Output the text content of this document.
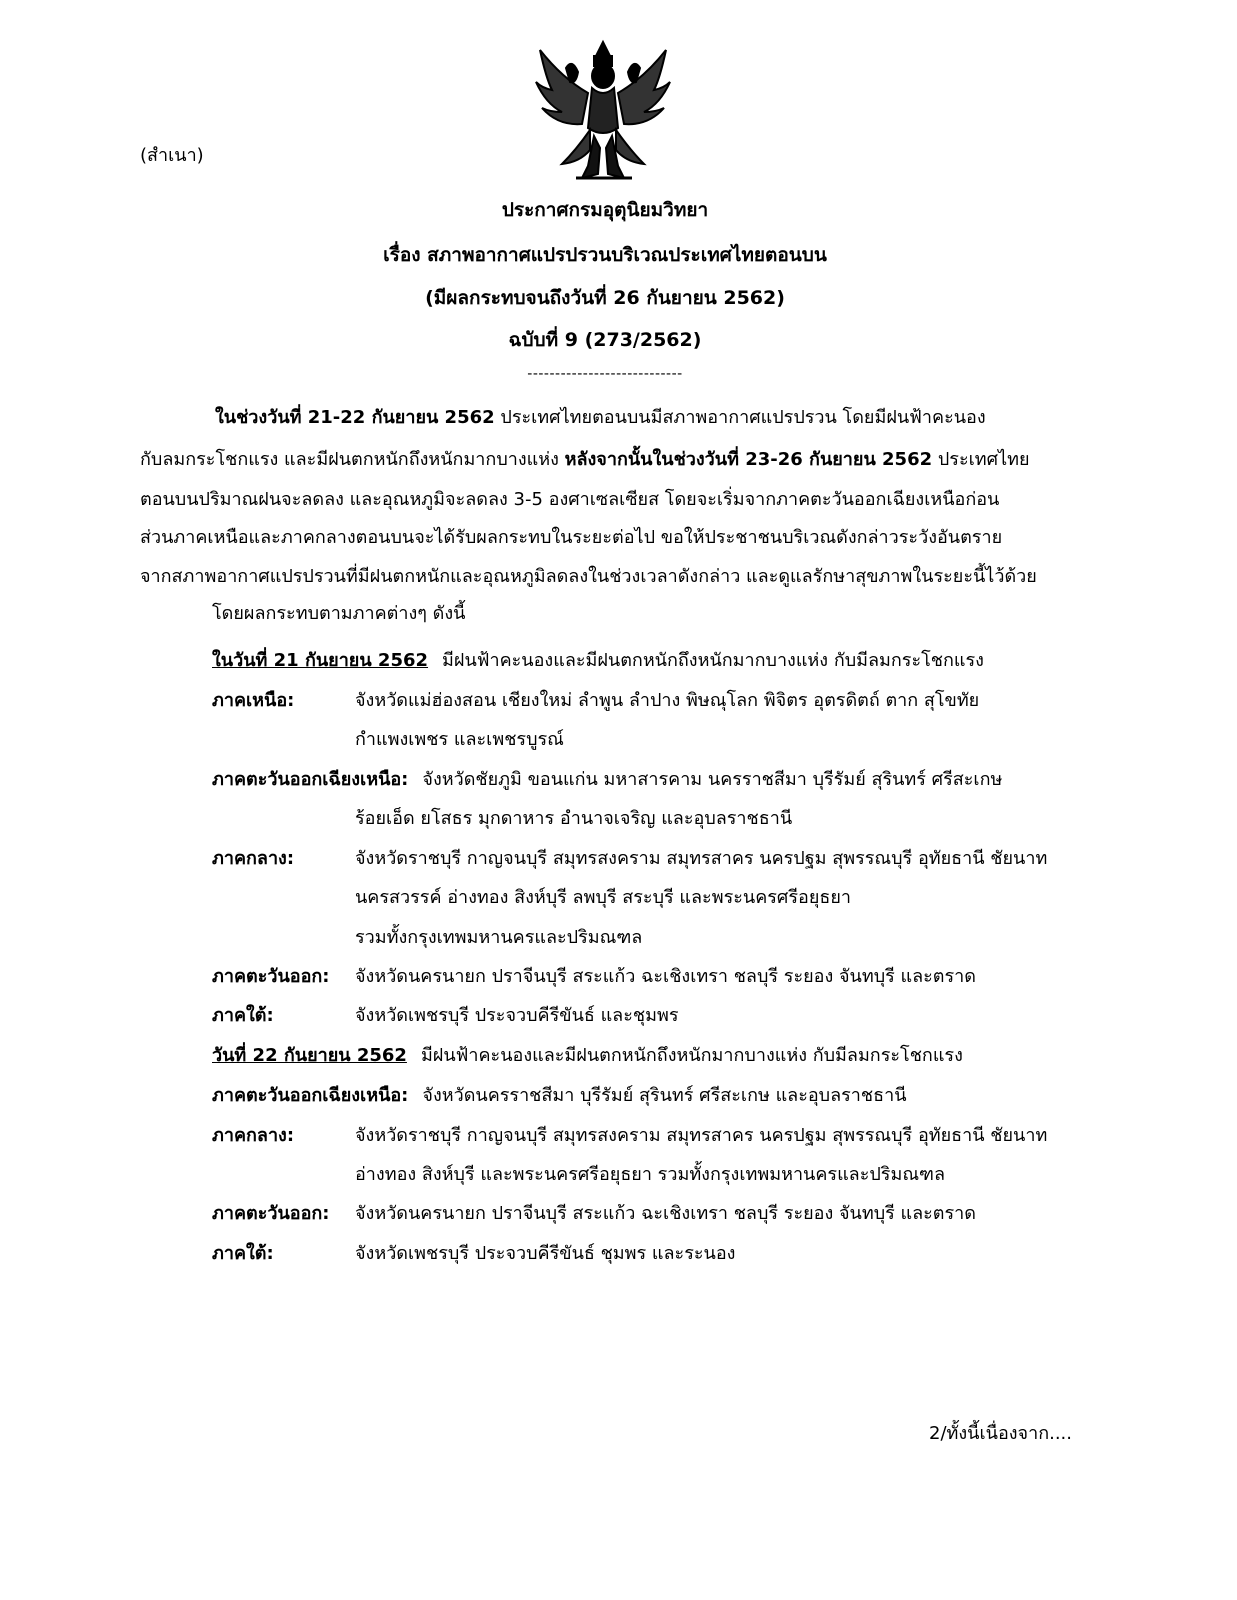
(สำเนา)
ประกาศกรมอุตุนิยมวิทยา
เรื่อง สภาพอากาศแปรปรวนบริเวณประเทศไทยตอนบน
(มีผลกระทบจนถึงวันที่ 26 กันยายน 2562)
ฉบับที่ 9 (273/2562)
----------------------------
ในช่วงวันที่ 21-22 กันยายน 2562 ประเทศไทยตอนบนมีสภาพอากาศแปรปรวน โดยมีฝนฟ้าคะนอง
กับลมกระโชกแรง และมีฝนตกหนักถึงหนักมากบางแห่ง หลังจากนั้นในช่วงวันที่ 23-26 กันยายน 2562 ประเทศไทย
ตอนบนปริมาณฝนจะลดลง และอุณหภูมิจะลดลง 3-5 องศาเซลเซียส โดยจะเริ่มจากภาคตะวันออกเฉียงเหนือก่อน
ส่วนภาคเหนือและภาคกลางตอนบนจะได้รับผลกระทบในระยะต่อไป ขอให้ประชาชนบริเวณดังกล่าวระวังอันตราย
จากสภาพอากาศแปรปรวนที่มีฝนตกหนักและอุณหภูมิลดลงในช่วงเวลาดังกล่าว และดูแลรักษาสุขภาพในระยะนี้ไว้ด้วย
โดยผลกระทบตามภาคต่างๆ ดังนี้
ในวันที่ 21 กันยายน 2562 มีฝนฟ้าคะนองและมีฝนตกหนักถึงหนักมากบางแห่ง กับมีลมกระโชกแรง
ภาคเหนือ:	จังหวัดแม่ฮ่องสอน เชียงใหม่ ลำพูน ลำปาง พิษณุโลก พิจิตร อุตรดิตถ์ ตาก สุโขทัย
กำแพงเพชร และเพชรบูรณ์
ภาคตะวันออกเฉียงเหนือ: จังหวัดชัยภูมิ ขอนแก่น มหาสารคาม นครราชสีมา บุรีรัมย์ สุรินทร์ ศรีสะเกษ
ร้อยเอ็ด ยโสธร มุกดาหาร อำนาจเจริญ และอุบลราชธานี
ภาคกลาง:	จังหวัดราชบุรี กาญจนบุรี สมุทรสงคราม สมุทรสาคร นครปฐม สุพรรณบุรี อุทัยธานี ชัยนาท
นครสวรรค์ อ่างทอง สิงห์บุรี ลพบุรี สระบุรี และพระนครศรีอยุธยา
รวมทั้งกรุงเทพมหานครและปริมณฑล
ภาคตะวันออก: จังหวัดนครนายก ปราจีนบุรี สระแก้ว ฉะเชิงเทรา ชลบุรี ระยอง จันทบุรี และตราด
ภาคใต้:	จังหวัดเพชรบุรี ประจวบคีรีขันธ์ และชุมพร
วันที่ 22 กันยายน 2562 มีฝนฟ้าคะนองและมีฝนตกหนักถึงหนักมากบางแห่ง กับมีลมกระโชกแรง
ภาคตะวันออกเฉียงเหนือ: จังหวัดนครราชสีมา บุรีรัมย์ สุรินทร์ ศรีสะเกษ และอุบลราชธานี
ภาคกลาง:	จังหวัดราชบุรี กาญจนบุรี สมุทรสงคราม สมุทรสาคร นครปฐม สุพรรณบุรี อุทัยธานี ชัยนาท
อ่างทอง สิงห์บุรี และพระนครศรีอยุธยา รวมทั้งกรุงเทพมหานครและปริมณฑล
ภาคตะวันออก: จังหวัดนครนายก ปราจีนบุรี สระแก้ว ฉะเชิงเทรา ชลบุรี ระยอง จันทบุรี และตราด
ภาคใต้:	จังหวัดเพชรบุรี ประจวบคีรีขันธ์ ชุมพร และระนอง
2/ทั้งนี้เนื่องจาก....
